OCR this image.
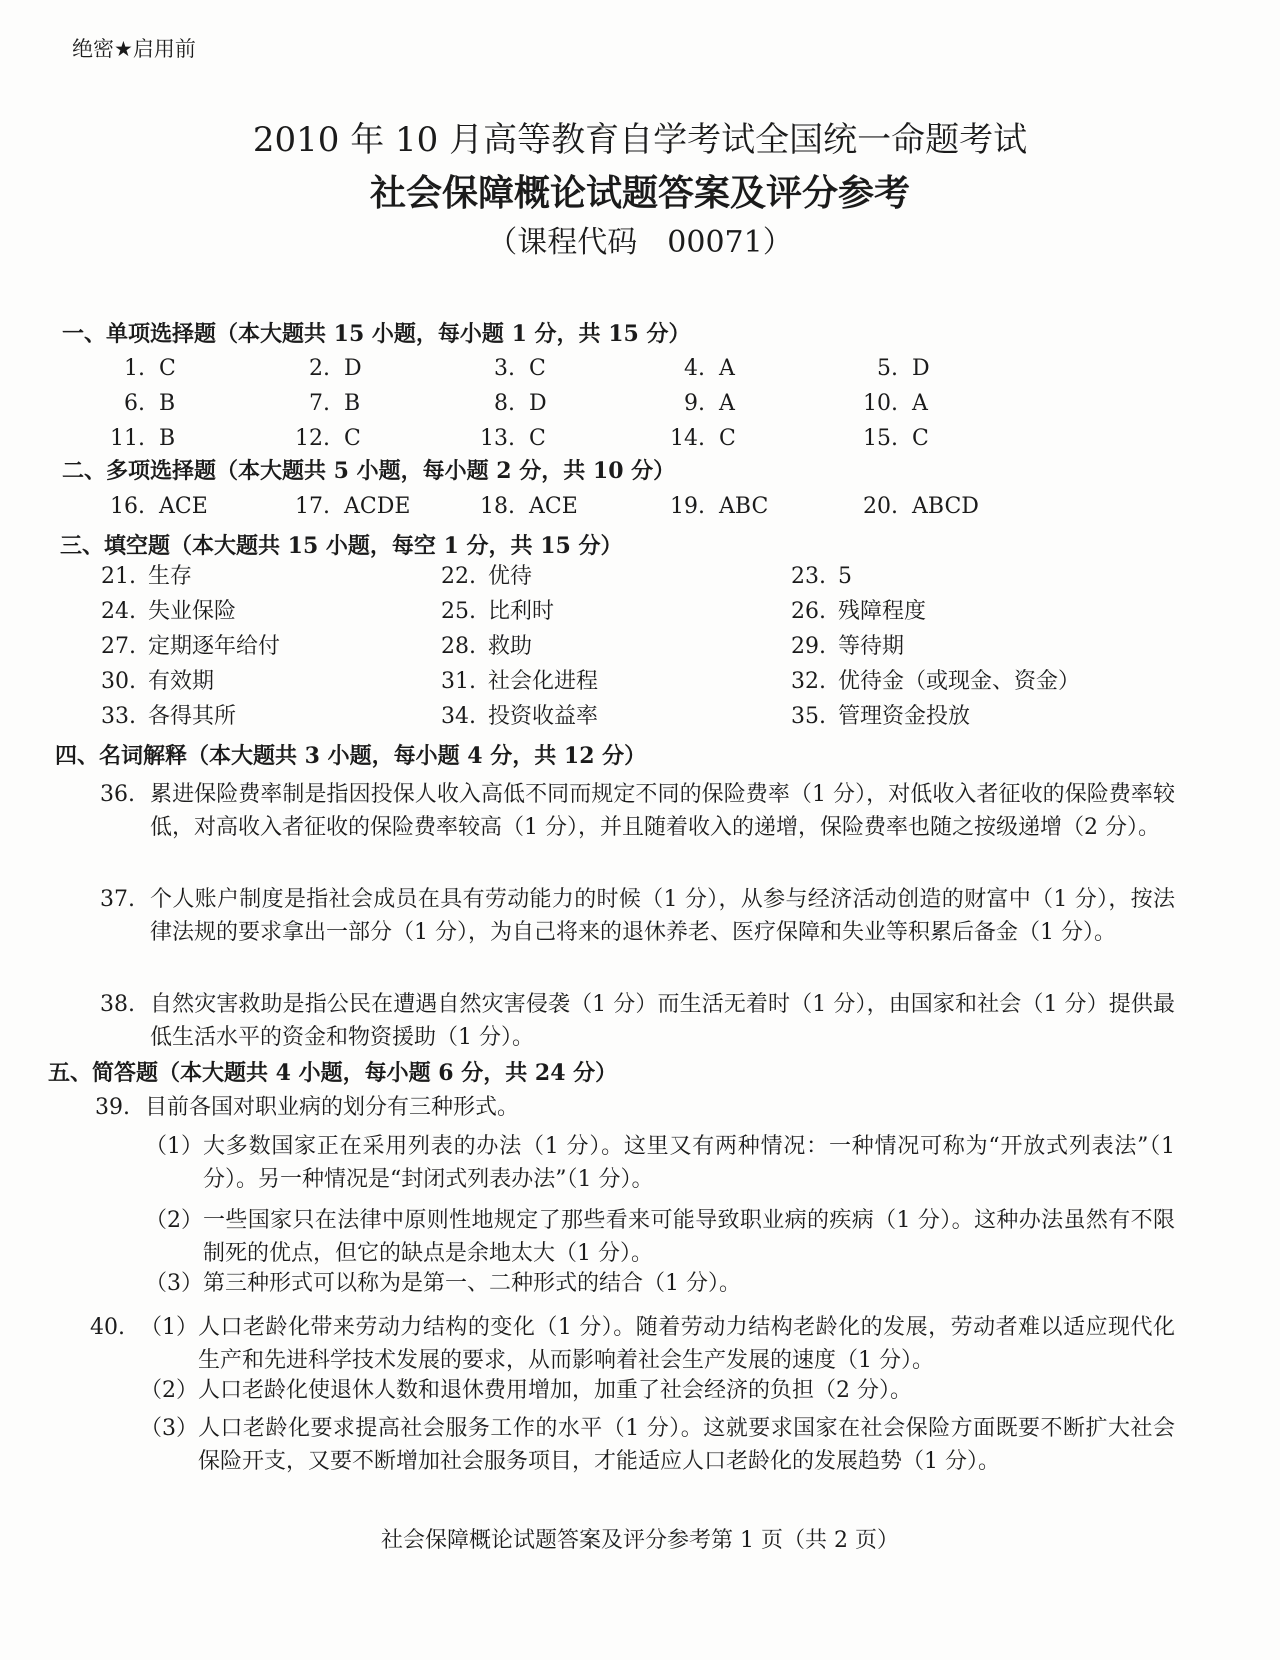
绝密★启用前
2010 年 10 月高等教育自学考试全国统一命题考试
社会保障概论试题答案及评分参考
（课程代码　00071）
一、单项选择题（本大题共 15 小题，每小题 1 分，共 15 分）
1. C	2. D	3. C	4. A	5. D
6. B	7. B	8. D	9. A	10. A
11. B	12. C	13. C	14. C	15. C
二、多项选择题（本大题共 5 小题，每小题 2 分，共 10 分）
16. ACE	17. ACDE	18. ACE	19. ABC	20. ABCD
三、填空题（本大题共 15 小题，每空 1 分，共 15 分）
21. 生存	22. 优待	23. 5
24. 失业保险	25. 比利时	26. 残障程度
27. 定期逐年给付	28. 救助	29. 等待期
30. 有效期	31. 社会化进程	32. 优待金（或现金、资金）
33. 各得其所	34. 投资收益率	35. 管理资金投放
四、名词解释（本大题共 3 小题，每小题 4 分，共 12 分）
36. 累进保险费率制是指因投保人收入高低不同而规定不同的保险费率（1 分），对低收入者征收的保险费率较低，对高收入者征收的保险费率较高（1 分），并且随着收入的递增，保险费率也随之按级递增（2 分）。
37. 个人账户制度是指社会成员在具有劳动能力的时候（1 分），从参与经济活动创造的财富中（1 分），按法律法规的要求拿出一部分（1 分），为自己将来的退休养老、医疗保障和失业等积累后备金（1 分）。
38. 自然灾害救助是指公民在遭遇自然灾害侵袭（1 分）而生活无着时（1 分），由国家和社会（1 分）提供最低生活水平的资金和物资援助（1 分）。
五、简答题（本大题共 4 小题，每小题 6 分，共 24 分）
39. 目前各国对职业病的划分有三种形式。
（1） 大多数国家正在采用列表的办法（1 分）。这里又有两种情况：一种情况可称为“开放式列表法”（1 分）。另一种情况是“封闭式列表办法”（1 分）。
（2） 一些国家只在法律中原则性地规定了那些看来可能导致职业病的疾病（1 分）。这种办法虽然有不限制死的优点，但它的缺点是余地太大（1 分）。
（3） 第三种形式可以称为是第一、二种形式的结合（1 分）。
40. （1） 人口老龄化带来劳动力结构的变化（1 分）。随着劳动力结构老龄化的发展，劳动者难以适应现代化生产和先进科学技术发展的要求，从而影响着社会生产发展的速度（1 分）。
（2） 人口老龄化使退休人数和退休费用增加，加重了社会经济的负担（2 分）。
（3） 人口老龄化要求提高社会服务工作的水平（1 分）。这就要求国家在社会保险方面既要不断扩大社会保险开支，又要不断增加社会服务项目，才能适应人口老龄化的发展趋势（1 分）。
社会保障概论试题答案及评分参考第 1 页（共 2 页）
